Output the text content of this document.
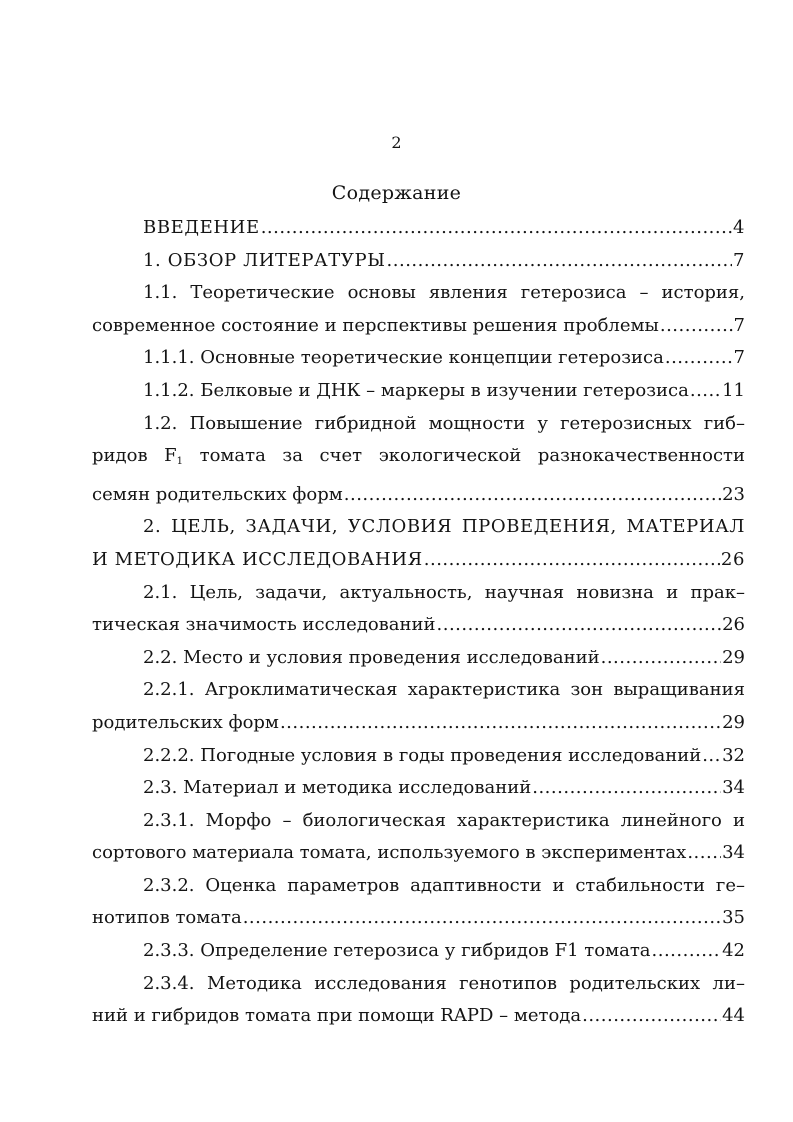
2
Содержание
ВВЕДЕНИЕ .....	4
1. ОБЗОР ЛИТЕРАТУРЫ .....	7

1.1. Теоретические основы явления гетерозиса – история,

современное состояние и перспективы решения проблемы .....	7
1.1.1. Основные теоретические концепции гетерозиса .....	7
1.1.2. Белковые и ДНК – маркеры в изучении гетерозиса ..... 11

1.2. Повышение гибридной мощности у гетерозисных гиб–

ридов $F_1$ томата за счет экологической разнокачественности

семян родительских форм .....	23

2. ЦЕЛЬ, ЗАДАЧИ, УСЛОВИЯ ПРОВЕДЕНИЯ, МАТЕРИАЛ

И МЕТОДИКА ИССЛЕДОВАНИЯ .....	26

2.1. Цель, задачи, актуальность, научная новизна и прак–

тическая значимость исследований .....	26
2.2. Место и условия проведения исследований .....	29

2.2.1. Агроклиматическая характеристика зон выращивания

родительских форм .....	29
2.2.2. Погодные условия в годы проведения исследований ..... 32
2.3. Материал и методика исследований .....	34

2.3.1. Морфо – биологическая характеристика линейного и

сортового материала томата, используемого в экспериментах ..... 34

2.3.2. Оценка параметров адаптивности и стабильности ге–

нотипов томата .....	35
2.3.3. Определение гетерозиса у гибридов F1 томата .....	42

2.3.4. Методика исследования генотипов родительских ли–

ний и гибридов томата при помощи RAPD – метода .....	44
